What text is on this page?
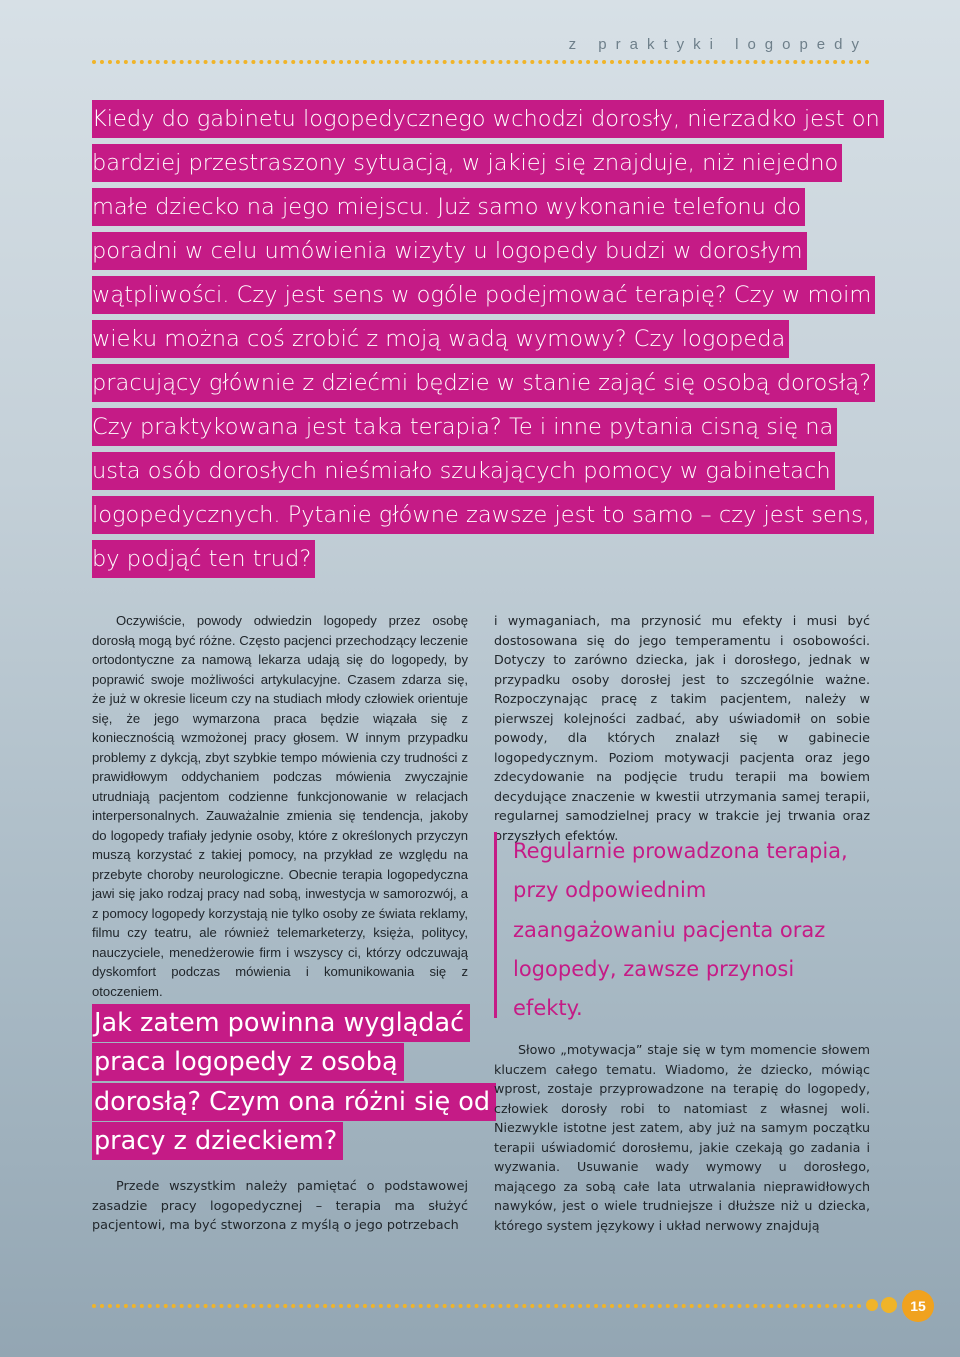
z praktyki logopedy
Kiedy do gabinetu logopedycznego wchodzi dorosły, nierzadko jest on bardziej przestraszony sytuacją, w jakiej się znajduje, niż niejedno małe dziecko na jego miejscu. Już samo wykonanie telefonu do poradni w celu umówienia wizyty u logopedy budzi w dorosłym wątpliwości. Czy jest sens w ogóle podejmować terapię? Czy w moim wieku można coś zrobić z moją wadą wymowy? Czy logopeda pracujący głównie z dziećmi będzie w stanie zająć się osobą dorosłą? Czy praktykowana jest taka terapia? Te i inne pytania cisną się na usta osób dorosłych nieśmiało szukających pomocy w gabinetach logopedycznych. Pytanie główne zawsze jest to samo – czy jest sens, by podjąć ten trud?

Oczywiście, powody odwiedzin logopedy przez osobę dorosłą mogą być różne. Często pacjenci przechodzący leczenie ortodontyczne za namową lekarza udają się do logopedy, by poprawić swoje możliwości artykulacyjne. Czasem zdarza się, że już w okresie liceum czy na studiach młody człowiek orientuje się, że jego wymarzona praca będzie wiązała się z koniecznością wzmożonej pracy głosem. W innym przypadku problemy z dykcją, zbyt szybkie tempo mówienia czy trudności z prawidłowym oddychaniem podczas mówienia zwyczajnie utrudniają pacjentom codzienne funkcjonowanie w relacjach interpersonalnych. Zauważalnie zmienia się tendencja, jakoby do logopedy trafiały jedynie osoby, które z określonych przyczyn muszą korzystać z takiej pomocy, na przykład ze względu na przebyte choroby neurologiczne. Obecnie terapia logopedyczna jawi się jako rodzaj pracy nad sobą, inwestycja w samorozwój, a z pomocy logopedy korzystają nie tylko osoby ze świata reklamy, filmu czy teatru, ale również telemarketerzy, księża, politycy, nauczyciele, menedżerowie firm i wszyscy ci, którzy odczuwają dyskomfort podczas mówienia i komunikowania się z otoczeniem.

Jak zatem powinna wyglądać praca logopedy z osobą dorosłą? Czym ona różni się od pracy z dzieckiem?

Przede wszystkim należy pamiętać o podstawowej zasadzie pracy logopedycznej – terapia ma służyć pacjentowi, ma być stworzona z myślą o jego potrzebach

i wymaganiach, ma przynosić mu efekty i musi być dostosowana się do jego temperamentu i osobowości. Dotyczy to zarówno dziecka, jak i dorosłego, jednak w przypadku osoby dorosłej jest to szczególnie ważne. Rozpoczynając pracę z takim pacjentem, należy w pierwszej kolejności zadbać, aby uświadomił on sobie powody, dla których znalazł się w gabinecie logopedycznym. Poziom motywacji pacjenta oraz jego zdecydowanie na podjęcie trudu terapii ma bowiem decydujące znaczenie w kwestii utrzymania samej terapii, regularnej samodzielnej pracy w trakcie jej trwania oraz przyszłych efektów.

Regularnie prowadzona terapia, przy odpowiednim zaangażowaniu pacjenta oraz logopedy, zawsze przynosi efekty.

Słowo „motywacja” staje się w tym momencie słowem kluczem całego tematu. Wiadomo, że dziecko, mówiąc wprost, zostaje przyprowadzone na terapię do logopedy, człowiek dorosły robi to natomiast z własnej woli. Niezwykle istotne jest zatem, aby już na samym początku terapii uświadomić dorosłemu, jakie czekają go zadania i wyzwania. Usuwanie wady wymowy u dorosłego, mającego za sobą całe lata utrwalania nieprawidłowych nawyków, jest o wiele trudniejsze i dłuższe niż u dziecka, którego system językowy i układ nerwowy znajdują

15
